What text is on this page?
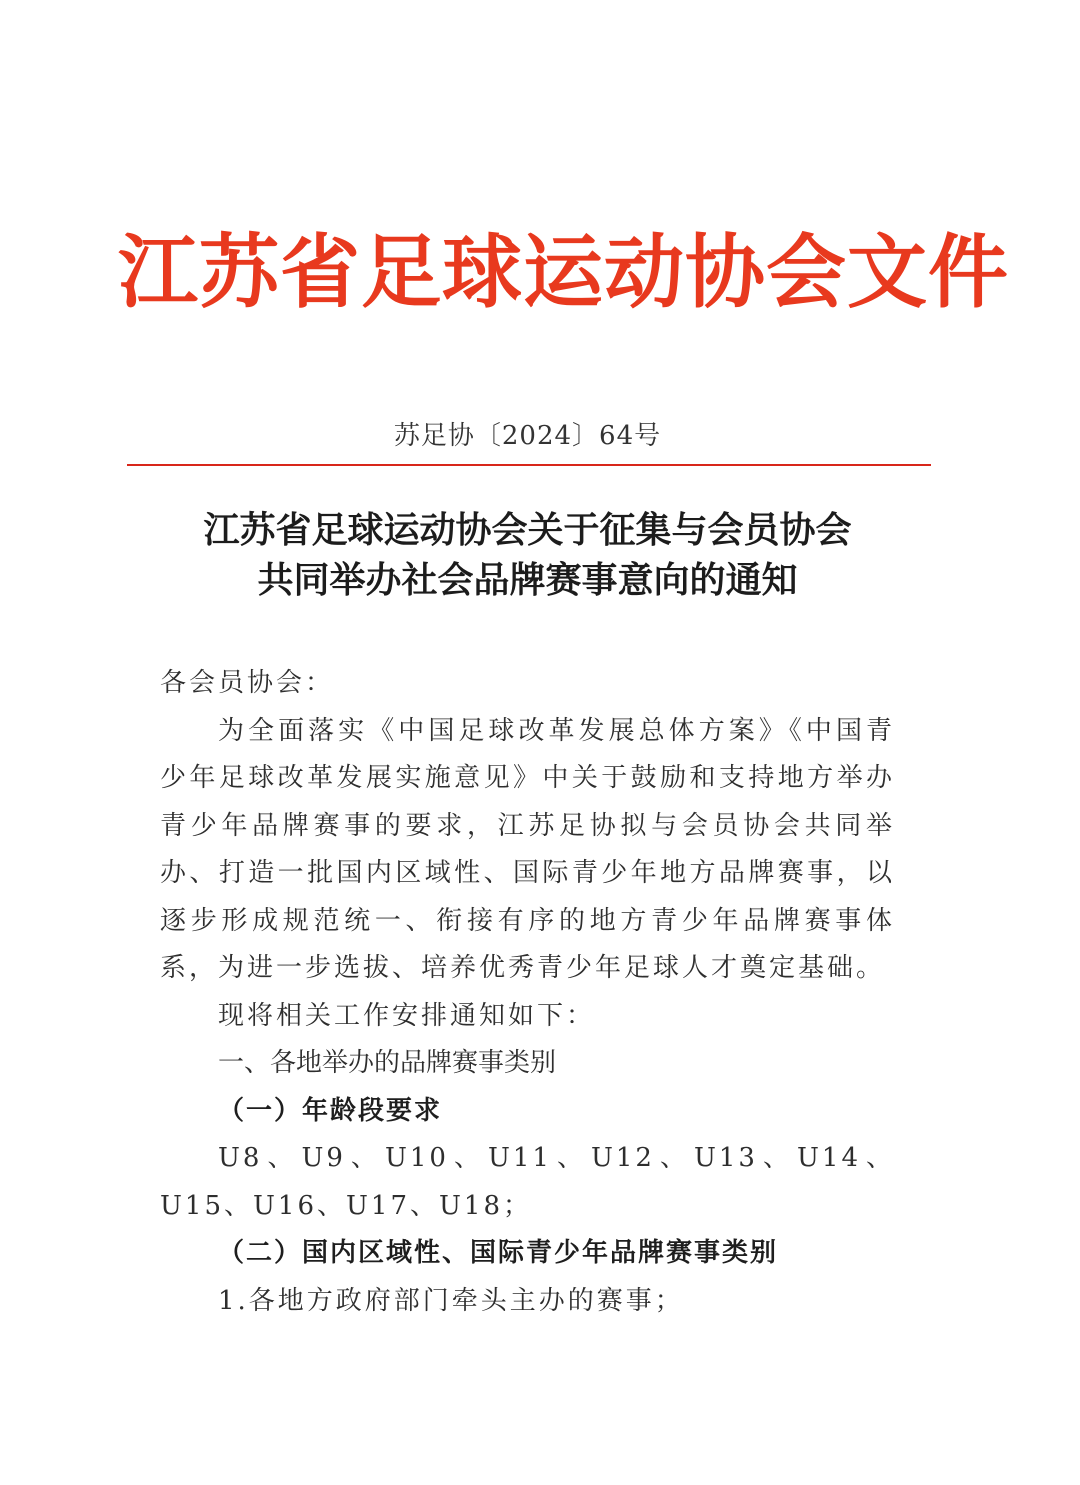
江苏省足球运动协会文件
苏足协〔2024〕64号
江苏省足球运动协会关于征集与会员协会
共同举办社会品牌赛事意向的通知

各会员协会：

为全面落实《中国足球改革发展总体方案》《中国青少年足球改革发展实施意见》中关于鼓励和支持地方举办青少年品牌赛事的要求，江苏足协拟与会员协会共同举办、打造一批国内区域性、国际青少年地方品牌赛事，以逐步形成规范统一、衔接有序的地方青少年品牌赛事体系，为进一步选拔、培养优秀青少年足球人才奠定基础。

现将相关工作安排通知如下：

一、各地举办的品牌赛事类别

（一）年龄段要求

U8、U9、U10、U11、U12、U13、U14、U15、U16、U17、U18；

（二）国内区域性、国际青少年品牌赛事类别

1.各地方政府部门牵头主办的赛事；
